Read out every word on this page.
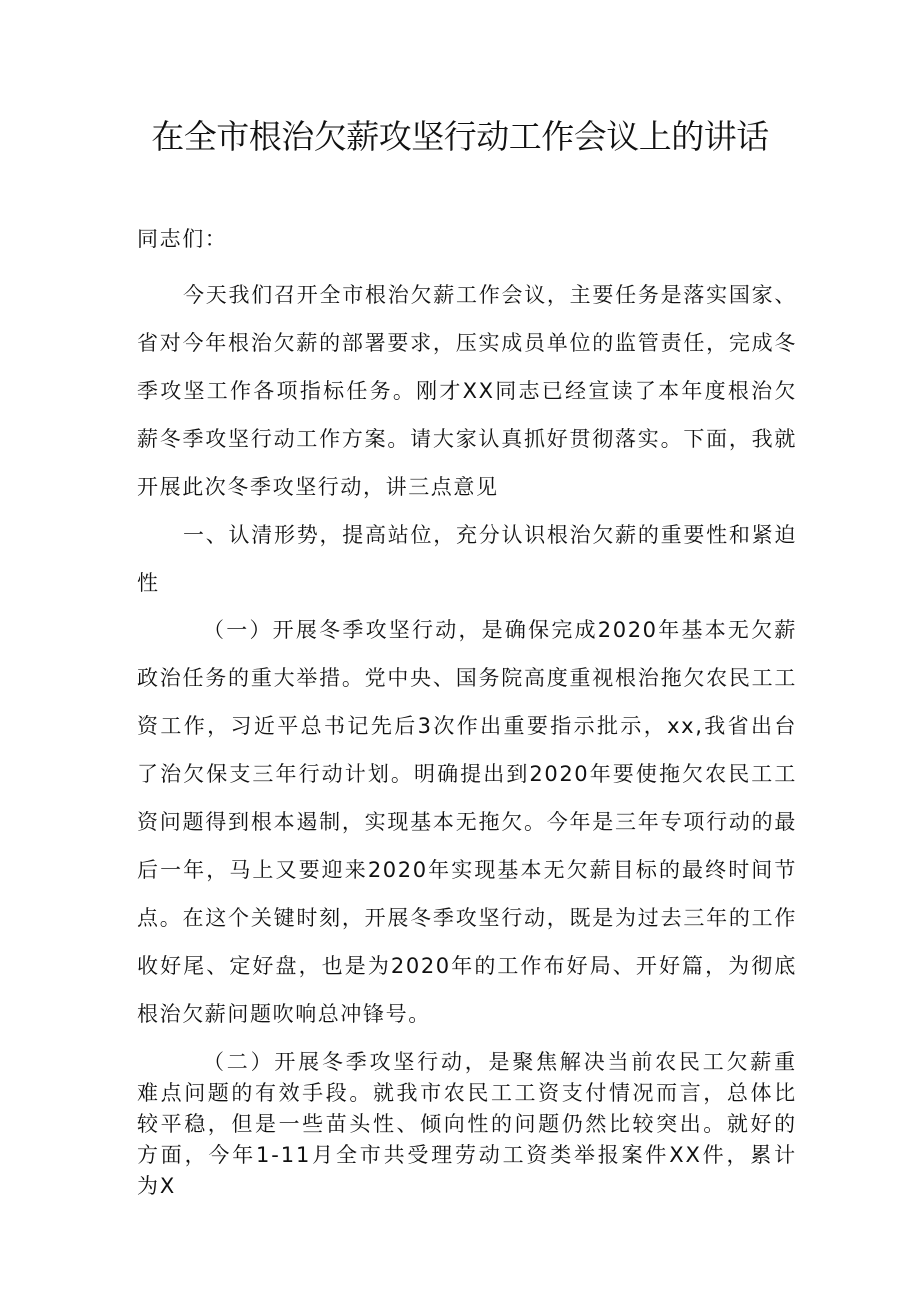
在全市根治欠薪攻坚行动工作会议上的讲话

同志们：

今天我们召开全市根治欠薪工作会议，主要任务是落实国家、省对今年根治欠薪的部署要求，压实成员单位的监管责任，完成冬季攻坚工作各项指标任务。刚才XX同志已经宣读了本年度根治欠薪冬季攻坚行动工作方案。请大家认真抓好贯彻落实。下面，我就开展此次冬季攻坚行动，讲三点意见

一、认清形势，提高站位，充分认识根治欠薪的重要性和紧迫性

（一）开展冬季攻坚行动，是确保完成2020年基本无欠薪政治任务的重大举措。党中央、国务院高度重视根治拖欠农民工工资工作，习近平总书记先后3次作出重要指示批示，xx,我省出台了治欠保支三年行动计划。明确提出到2020年要使拖欠农民工工资问题得到根本遏制，实现基本无拖欠。今年是三年专项行动的最后一年，马上又要迎来2020年实现基本无欠薪目标的最终时间节点。在这个关键时刻，开展冬季攻坚行动，既是为过去三年的工作收好尾、定好盘，也是为2020年的工作布好局、开好篇，为彻底根治欠薪问题吹响总冲锋号。

（二）开展冬季攻坚行动，是聚焦解决当前农民工欠薪重难点问题的有效手段。就我市农民工工资支付情况而言，总体比较平稳，但是一些苗头性、倾向性的问题仍然比较突出。就好的方面，今年1-11月全市共受理劳动工资类举报案件XX件，累计为X
